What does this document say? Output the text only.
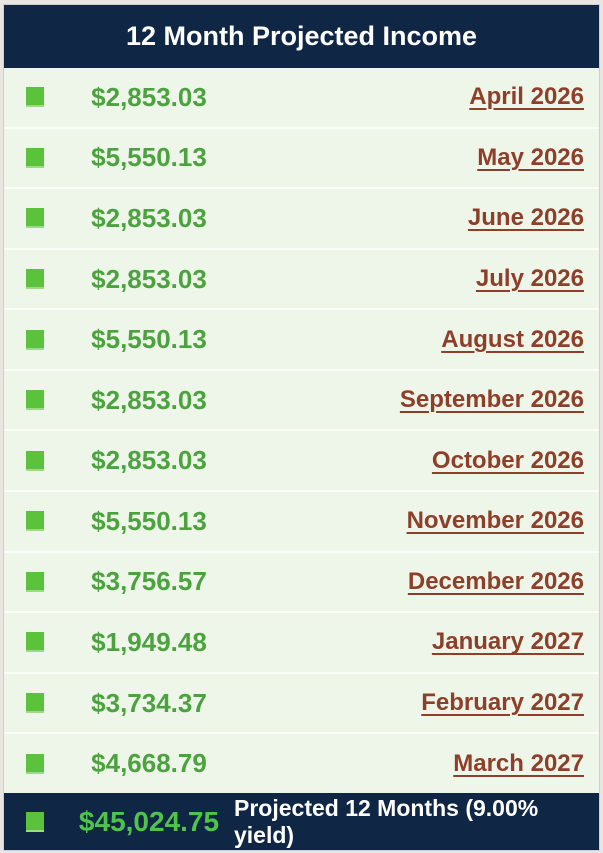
12 Month Projected Income
$2,853.03	April 2026
$5,550.13	May 2026
$2,853.03	June 2026
$2,853.03	July 2026
$5,550.13	August 2026
$2,853.03	September 2026
$2,853.03	October 2026
$5,550.13	November 2026
$3,756.57	December 2026
$1,949.48	January 2027
$3,734.37	February 2027
$4,668.79	March 2027
$45,024.75 Projected 12 Months (9.00% yield)
